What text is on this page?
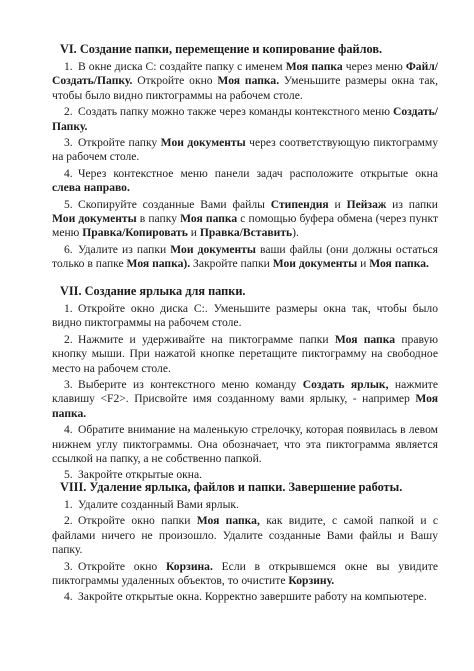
VI. Создание папки, перемещение и копирование файлов.
1. В окне диска С: создайте папку с именем Моя папка через меню Файл/Создать/Папку. Откройте окно Моя папка. Уменьшите размеры окна так, чтобы было видно пиктограммы на рабочем столе.
2. Создать папку можно также через команды контекстного меню Создать/Папку.
3. Откройте папку Мои документы через соответствующую пиктограмму на рабочем столе.
4. Через контекстное меню панели задач расположите открытые окна слева направо.
5. Скопируйте созданные Вами файлы Стипендия и Пейзаж из папки Мои документы в папку Моя папка с помощью буфера обмена (через пункт меню Правка/Копировать и Правка/Вставить).
6. Удалите из папки Мои документы ваши файлы (они должны остаться только в папке Моя папка). Закройте папки Мои документы и Моя папка.
VII. Создание ярлыка для папки.
1. Откройте окно диска С:. Уменьшите размеры окна так, чтобы было видно пиктограммы на рабочем столе.
2. Нажмите и удерживайте на пиктограмме папки Моя папка правую кнопку мыши. При нажатой кнопке перетащите пиктограмму на свободное место на рабочем столе.
3. Выберите из контекстного меню команду Создать ярлык, нажмите клавишу <F2>. Присвойте имя созданному вами ярлыку, - например Моя папка.
4. Обратите внимание на маленькую стрелочку, которая появилась в левом нижнем углу пиктограммы. Она обозначает, что эта пиктограмма является ссылкой на папку, а не собственно папкой.
5. Закройте открытые окна.
VIII. Удаление ярлыка, файлов и папки. Завершение работы.
1. Удалите созданный Вами ярлык.
2. Откройте окно папки Моя папка, как видите, с самой папкой и с файлами ничего не произошло. Удалите созданные Вами файлы и Вашу папку.
3. Откройте окно Корзина. Если в открывшемся окне вы увидите пиктограммы удаленных объектов, то очистите Корзину.
4. Закройте открытые окна. Корректно завершите работу на компьютере.
